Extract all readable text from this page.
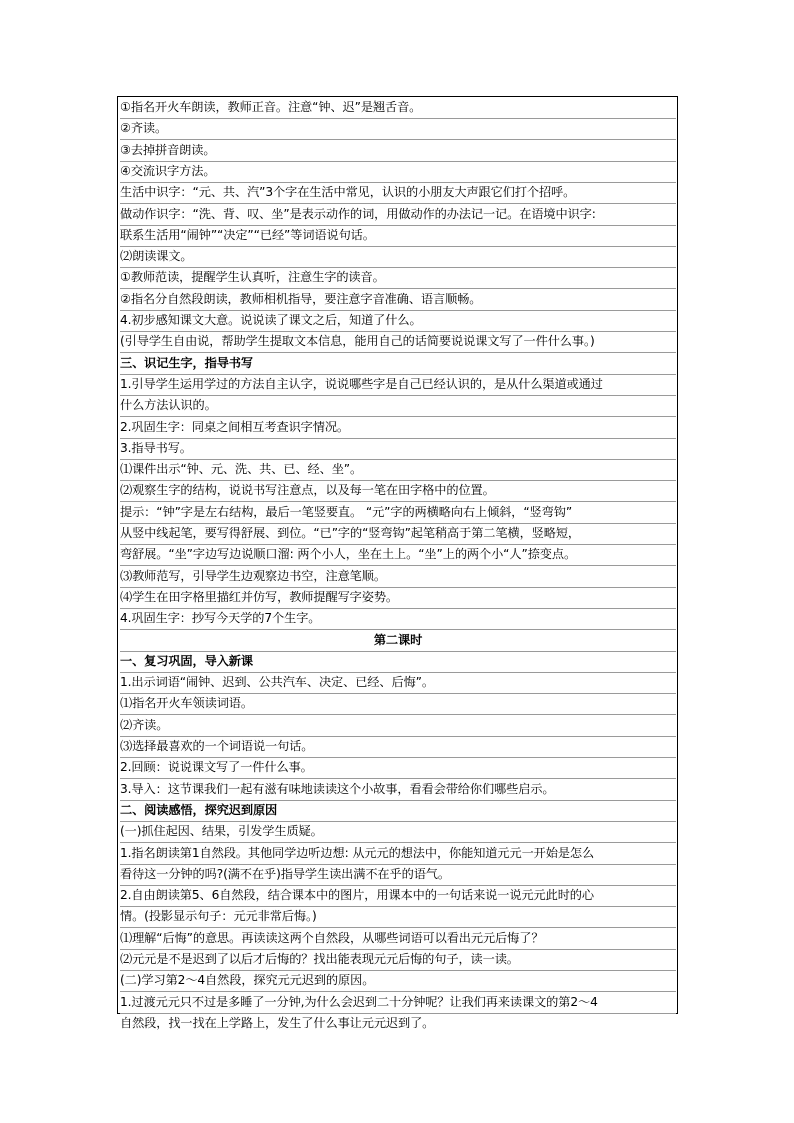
①指名开火车朗读，教师正音。注意“钟、迟”是翘舌音。
②齐读。
③去掉拼音朗读。
④交流识字方法。
生活中识字：“元、共、汽”3个字在生活中常见，认识的小朋友大声跟它们打个招呼。
做动作识字：“洗、背、叹、坐”是表示动作的词，用做动作的办法记一记。在语境中识字:
联系生活用“闹钟”“决定”“已经”等词语说句话。
⑵朗读课文。
①教师范读，提醒学生认真听，注意生字的读音。
②指名分自然段朗读，教师相机指导，要注意字音准确、语言顺畅。
4.初步感知课文大意。说说读了课文之后，知道了什么。
(引导学生自由说，帮助学生提取文本信息，能用自己的话简要说说课文写了一件什么事。)
三、识记生字，指导书写
1.引导学生运用学过的方法自主认字，说说哪些字是自己已经认识的，是从什么渠道或通过
什么方法认识的。
2.巩固生字：同桌之间相互考查识字情况。
3.指导书写。
⑴课件出示“钟、元、洗、共、已、经、坐”。
⑵观察生字的结构，说说书写注意点，以及每一笔在田字格中的位置。
提示：“钟”字是左右结构，最后一笔竖要直。 “元”字的两横略向右上倾斜，“竖弯钩”
从竖中线起笔，要写得舒展、到位。“已”字的“竖弯钩”起笔稍高于第二笔横，竖略短，
弯舒展。“坐”字边写边说顺口溜: 两个小人，坐在土上。“坐”上的两个小“人”捺变点。
⑶教师范写，引导学生边观察边书空，注意笔顺。
⑷学生在田字格里描红并仿写，教师提醒写字姿势。
4.巩固生字：抄写今天学的7个生字。
第二课时
一、复习巩固，导入新课
1.出示词语“闹钟、迟到、公共汽车、决定、已经、后悔”。
⑴指名开火车领读词语。
⑵齐读。
⑶选择最喜欢的一个词语说一句话。
2.回顾：说说课文写了一件什么事。
3.导入：这节课我们一起有滋有味地读读这个小故事，看看会带给你们哪些启示。
二、阅读感悟，探究迟到原因
(一)抓住起因、结果，引发学生质疑。
1.指名朗读第1自然段。其他同学边听边想: 从元元的想法中，你能知道元元一开始是怎么
看待这一分钟的吗?(满不在乎)指导学生读出满不在乎的语气。
2.自由朗读第5、6自然段，结合课本中的图片，用课本中的一句话来说一说元元此时的心
情。(投影显示句子：元元非常后悔。)
⑴理解“后悔”的意思。再读读这两个自然段，从哪些词语可以看出元元后悔了？
⑵元元是不是迟到了以后才后悔的？找出能表现元元后悔的句子，读一读。
(二)学习第2～4自然段，探究元元迟到的原因。
1.过渡元元只不过是多睡了一分钟,为什么会迟到二十分钟呢？让我们再来读课文的第2～4
自然段，找一找在上学路上，发生了什么事让元元迟到了。
